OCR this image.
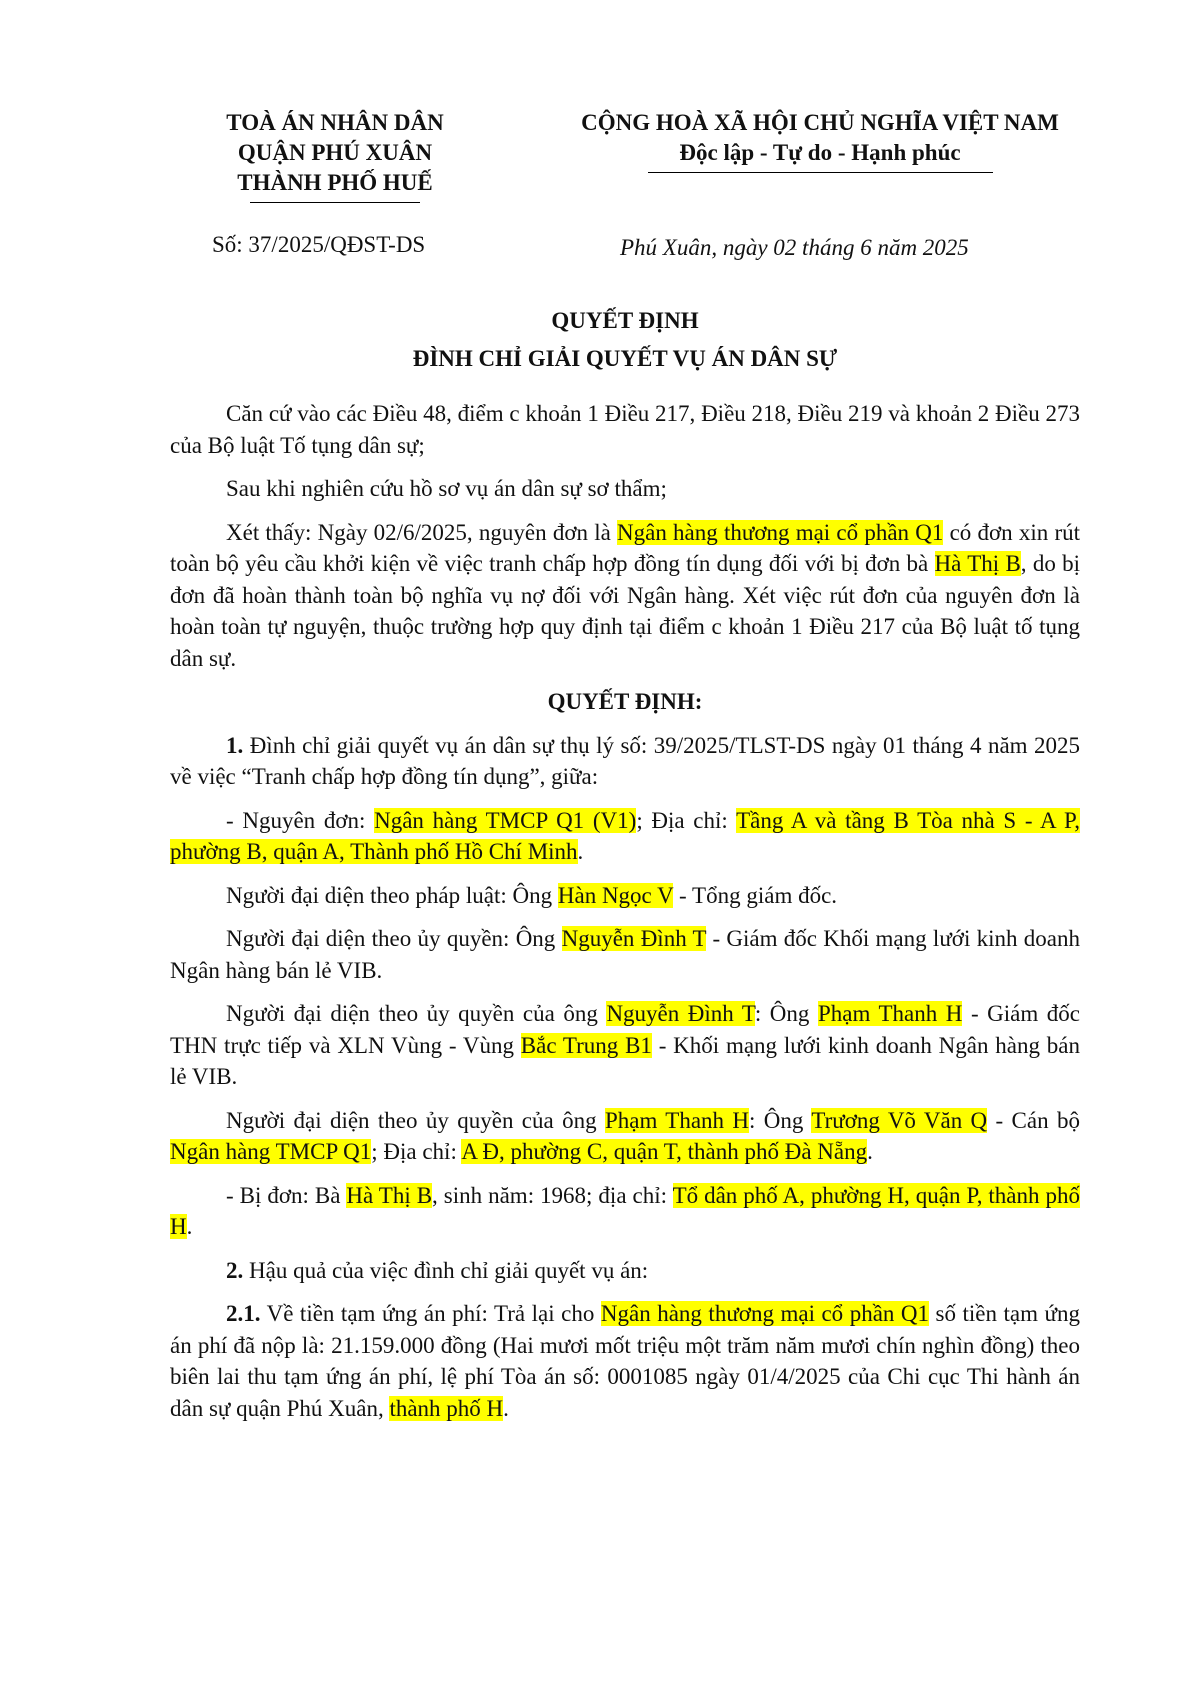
TOÀ ÁN NHÂN DÂN
QUẬN PHÚ XUÂN
THÀNH PHỐ HUẾ
CỘNG HOÀ XÃ HỘI CHỦ NGHĨA VIỆT NAM
Độc lập - Tự do - Hạnh phúc
Số: 37/2025/QĐST-DS	Phú Xuân, ngày 02 tháng 6 năm 2025
QUYẾT ĐỊNH
ĐÌNH CHỈ GIẢI QUYẾT VỤ ÁN DÂN SỰ

Căn cứ vào các Điều 48, điểm c khoản 1 Điều 217, Điều 218, Điều 219 và khoản 2 Điều 273 của Bộ luật Tố tụng dân sự;

Sau khi nghiên cứu hồ sơ vụ án dân sự sơ thẩm;

Xét thấy: Ngày 02/6/2025, nguyên đơn là Ngân hàng thương mại cổ phần Q1 có đơn xin rút toàn bộ yêu cầu khởi kiện về việc tranh chấp hợp đồng tín dụng đối với bị đơn bà Hà Thị B, do bị đơn đã hoàn thành toàn bộ nghĩa vụ nợ đối với Ngân hàng. Xét việc rút đơn của nguyên đơn là hoàn toàn tự nguyện, thuộc trường hợp quy định tại điểm c khoản 1 Điều 217 của Bộ luật tố tụng dân sự.

QUYẾT ĐỊNH:

1. Đình chỉ giải quyết vụ án dân sự thụ lý số: 39/2025/TLST-DS ngày 01 tháng 4 năm 2025 về việc “Tranh chấp hợp đồng tín dụng”, giữa:

- Nguyên đơn: Ngân hàng TMCP Q1 (V1); Địa chỉ: Tầng A và tầng B Tòa nhà S - A P, phường B, quận A, Thành phố Hồ Chí Minh.

Người đại diện theo pháp luật: Ông Hàn Ngọc V - Tổng giám đốc.

Người đại diện theo ủy quyền: Ông Nguyễn Đình T - Giám đốc Khối mạng lưới kinh doanh Ngân hàng bán lẻ VIB.

Người đại diện theo ủy quyền của ông Nguyễn Đình T: Ông Phạm Thanh H - Giám đốc THN trực tiếp và XLN Vùng - Vùng Bắc Trung B1 - Khối mạng lưới kinh doanh Ngân hàng bán lẻ VIB.

Người đại diện theo ủy quyền của ông Phạm Thanh H: Ông Trương Võ Văn Q - Cán bộ Ngân hàng TMCP Q1; Địa chỉ: A Đ, phường C, quận T, thành phố Đà Nẵng.

- Bị đơn: Bà Hà Thị B, sinh năm: 1968; địa chỉ: Tổ dân phố A, phường H, quận P, thành phố H.

2. Hậu quả của việc đình chỉ giải quyết vụ án:

2.1. Về tiền tạm ứng án phí: Trả lại cho Ngân hàng thương mại cổ phần Q1 số tiền tạm ứng án phí đã nộp là: 21.159.000 đồng (Hai mươi mốt triệu một trăm năm mươi chín nghìn đồng) theo biên lai thu tạm ứng án phí, lệ phí Tòa án số: 0001085 ngày 01/4/2025 của Chi cục Thi hành án dân sự quận Phú Xuân, thành phố H.
